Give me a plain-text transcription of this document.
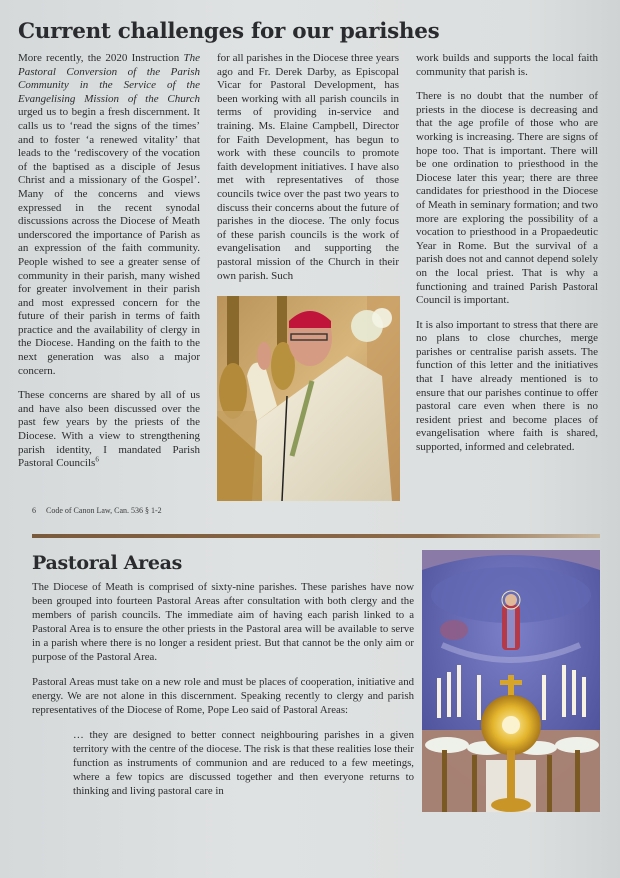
Current challenges for our parishes

More recently, the 2020 Instruction The Pastoral Conversion of the Parish Community in the Service of the Evangelising Mission of the Church urged us to begin a fresh discernment. It calls us to ‘read the signs of the times’ and to foster ‘a renewed vitality’ that leads to the ‘rediscovery of the vocation of the baptised as a disciple of Jesus Christ and a missionary of the Gospel’. Many of the concerns and views expressed in the recent synodal discussions across the Diocese of Meath underscored the importance of Parish as an expression of the faith community. People wished to see a greater sense of community in their parish, many wished for greater involvement in their parish and most expressed concern for the future of their parish in terms of faith practice and the availability of clergy in the Diocese. Handing on the faith to the next generation was also a major concern.

These concerns are shared by all of us and have also been discussed over the past few years by the priests of the Diocese. With a view to strengthening parish identity, I mandated Parish Pastoral Councils$^6$

for all parishes in the Diocese three years ago and Fr. Derek Darby, as Episcopal Vicar for Pastoral Development, has been working with all parish councils in terms of providing in-service and training. Ms. Elaine Campbell, Director for Faith Development, has begun to work with these councils to promote faith development initiatives. I have also met with representatives of those councils twice over the past two years to discuss their concerns about the future of parishes in the diocese. The only focus of these parish councils is the work of evangelisation and supporting the pastoral mission of the Church in their own parish. Such

work builds and supports the local faith community that parish is.

There is no doubt that the number of priests in the diocese is decreasing and that the age profile of those who are working is increasing. There are signs of hope too. That is important. There will be one ordination to priesthood in the Diocese later this year; there are three candidates for priesthood in the Diocese of Meath in seminary formation; and two more are exploring the possibility of a vocation to priesthood in a Propaedeutic Year in Rome. But the survival of a parish does not and cannot depend solely on the local priest. That is why a functioning and trained Parish Pastoral Council is important.

It is also important to stress that there are no plans to close churches, merge parishes or centralise parish assets. The function of this letter and the initiatives that I have already mentioned is to ensure that our parishes continue to offer pastoral care even when there is no resident priest and become places of evangelisation where faith is shared, supported, informed and celebrated.

6 Code of Canon Law, Can. 536 § 1-2
Pastoral Areas

The Diocese of Meath is comprised of sixty-nine parishes. These parishes have now been grouped into fourteen Pastoral Areas after consultation with both clergy and the members of parish councils. The immediate aim of having each parish linked to a Pastoral Area is to ensure the other priests in the Pastoral area will be available to serve in a parish where there is no longer a resident priest. But that cannot be the only aim or purpose of the Pastoral Area.

Pastoral Areas must take on a new role and must be places of cooperation, initiative and energy. We are not alone in this discernment. Speaking recently to clergy and parish representatives of the Diocese of Rome, Pope Leo said of Pastoral Areas:

… they are designed to better connect neighbouring parishes in a given territory with the centre of the diocese. The risk is that these realities lose their function as instruments of communion and are reduced to a few meetings, where a few topics are discussed together and then everyone returns to thinking and living pastoral care in
